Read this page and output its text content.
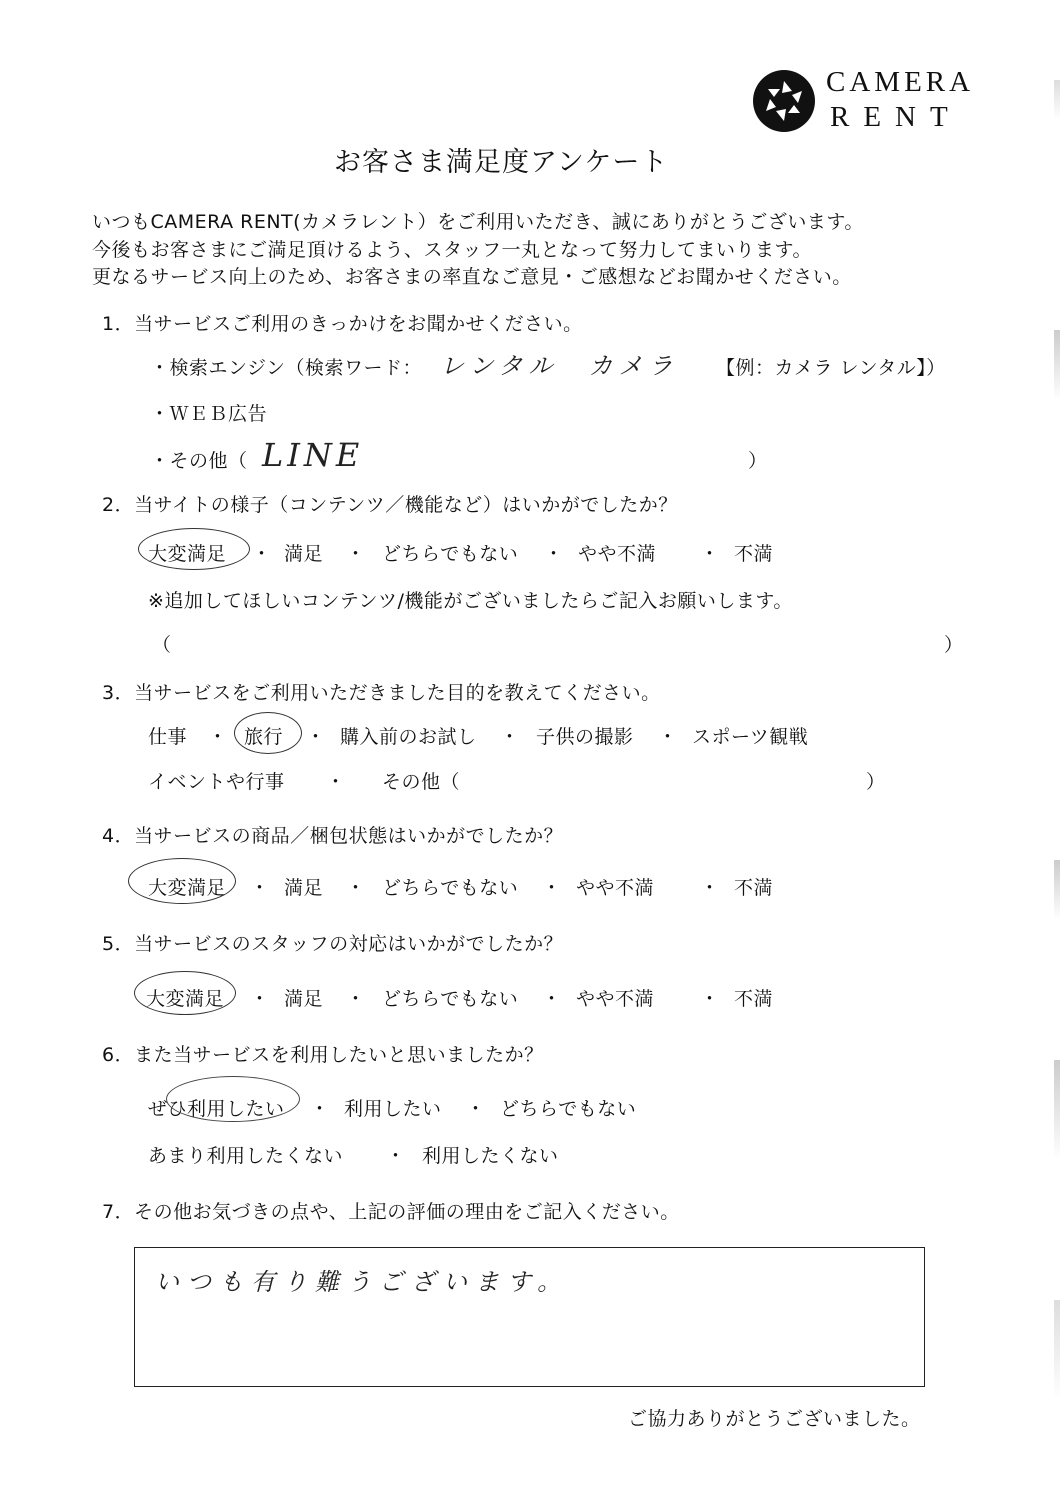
CAMERA
RENT
お客さま満足度アンケート
いつもCAMERA RENT(カメラレント）をご利用いただき、誠にありがとうございます。
今後もお客さまにご満足頂けるよう、スタッフ一丸となって努力してまいります。
更なるサービス向上のため、お客さまの率直なご意見・ご感想などお聞かせください。
1．当サービスご利用のきっかけをお聞かせください。
・検索エンジン（検索ワード： レンタル　カメラ 【例：カメラ レンタル】）
・ＷＥＢ広告
・その他（ LINE	）
2．当サイトの様子（コンテンツ／機能など）はいかがでしたか？
大変満足 ・ 満足 ・ どちらでもない ・ やや不満 ・ 不満
※追加してほしいコンテンツ/機能がございましたらご記入お願いします。
（	）
3．当サービスをご利用いただきました目的を教えてください。
仕事 ・ 旅行 ・ 購入前のお試し ・ 子供の撮影 ・ スポーツ観戦
イベントや行事 ・ その他（	）
4．当サービスの商品／梱包状態はいかがでしたか？
大変満足 ・ 満足 ・ どちらでもない ・ やや不満 ・ 不満
5．当サービスのスタッフの対応はいかがでしたか？
大変満足 ・ 満足 ・ どちらでもない ・ やや不満 ・ 不満
6．また当サービスを利用したいと思いましたか？
ぜひ利用したい ・ 利用したい ・ どちらでもない
あまり利用したくない ・ 利用したくない
7．その他お気づきの点や、上記の評価の理由をご記入ください。
いつも有り難うございます。
ご協力ありがとうございました。
